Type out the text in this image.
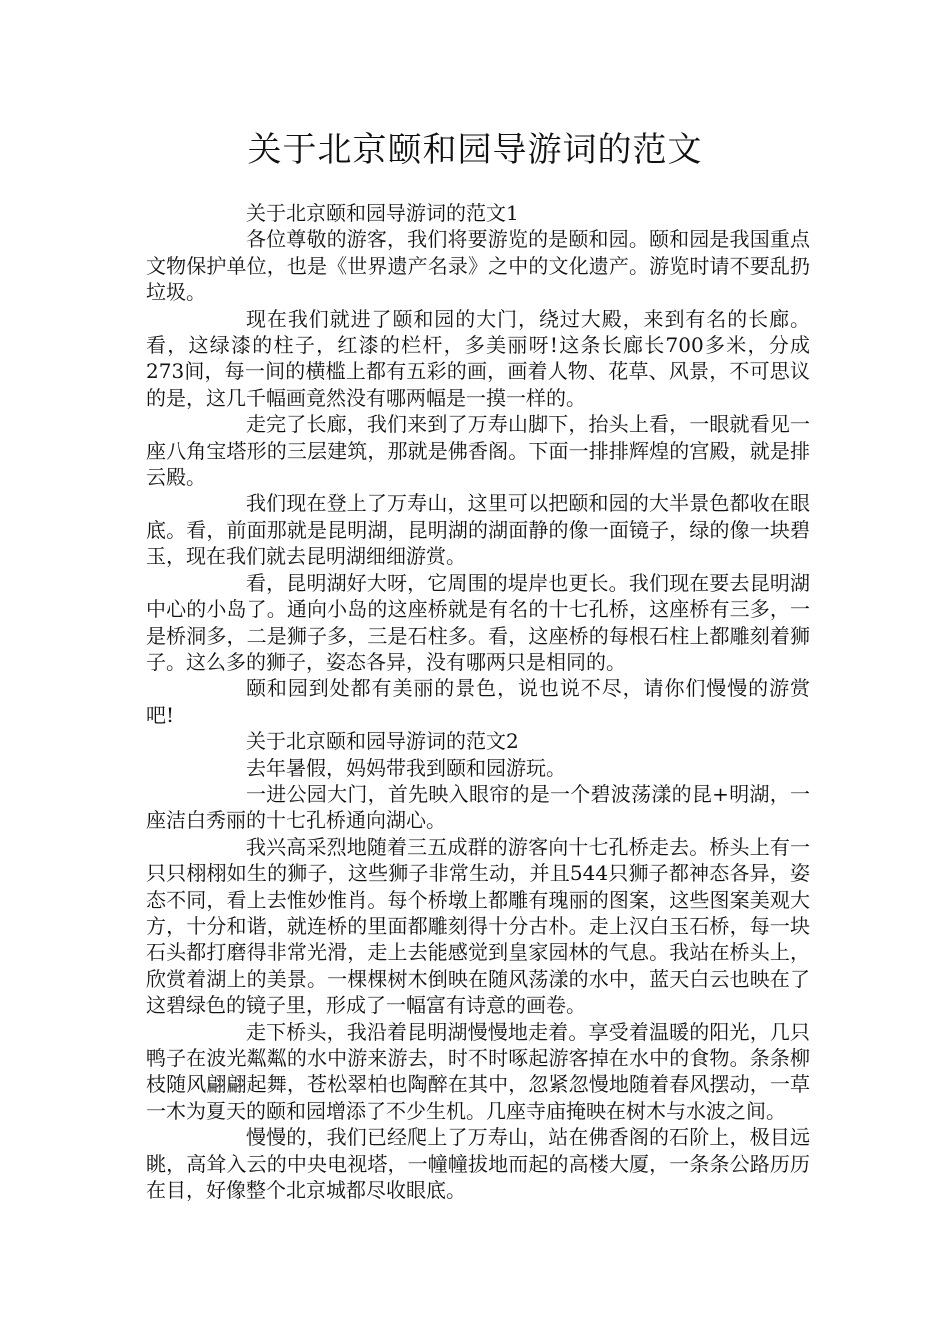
关于北京颐和园导游词的范文

关于北京颐和园导游词的范文1

各位尊敬的游客，我们将要游览的是颐和园。颐和园是我国重点文物保护单位，也是《世界遗产名录》之中的文化遗产。游览时请不要乱扔垃圾。

现在我们就进了颐和园的大门，绕过大殿，来到有名的长廊。看，这绿漆的柱子，红漆的栏杆，多美丽呀!这条长廊长700多米，分成273间，每一间的横槛上都有五彩的画，画着人物、花草、风景，不可思议的是，这几千幅画竟然没有哪两幅是一摸一样的。

走完了长廊，我们来到了万寿山脚下，抬头上看，一眼就看见一座八角宝塔形的三层建筑，那就是佛香阁。下面一排排辉煌的宫殿，就是排云殿。

我们现在登上了万寿山，这里可以把颐和园的大半景色都收在眼底。看，前面那就是昆明湖，昆明湖的湖面静的像一面镜子，绿的像一块碧玉，现在我们就去昆明湖细细游赏。

看，昆明湖好大呀，它周围的堤岸也更长。我们现在要去昆明湖中心的小岛了。通向小岛的这座桥就是有名的十七孔桥，这座桥有三多，一是桥洞多，二是狮子多，三是石柱多。看，这座桥的每根石柱上都雕刻着狮子。这么多的狮子，姿态各异，没有哪两只是相同的。

颐和园到处都有美丽的景色，说也说不尽，请你们慢慢的游赏吧!

关于北京颐和园导游词的范文2

去年暑假，妈妈带我到颐和园游玩。

一进公园大门，首先映入眼帘的是一个碧波荡漾的昆+明湖，一座洁白秀丽的十七孔桥通向湖心。

我兴高采烈地随着三五成群的游客向十七孔桥走去。桥头上有一只只栩栩如生的狮子，这些狮子非常生动，并且544只狮子都神态各异，姿态不同，看上去惟妙惟肖。每个桥墩上都雕有瑰丽的图案，这些图案美观大方，十分和谐，就连桥的里面都雕刻得十分古朴。走上汉白玉石桥，每一块石头都打磨得非常光滑，走上去能感觉到皇家园林的气息。我站在桥头上，欣赏着湖上的美景。一棵棵树木倒映在随风荡漾的水中，蓝天白云也映在了这碧绿色的镜子里，形成了一幅富有诗意的画卷。

走下桥头，我沿着昆明湖慢慢地走着。享受着温暖的阳光，几只鸭子在波光粼粼的水中游来游去，时不时啄起游客掉在水中的食物。条条柳枝随风翩翩起舞，苍松翠柏也陶醉在其中，忽紧忽慢地随着春风摆动，一草一木为夏天的颐和园增添了不少生机。几座寺庙掩映在树木与水波之间。

慢慢的，我们已经爬上了万寿山，站在佛香阁的石阶上，极目远眺，高耸入云的中央电视塔，一幢幢拔地而起的高楼大厦，一条条公路历历在目，好像整个北京城都尽收眼底。
